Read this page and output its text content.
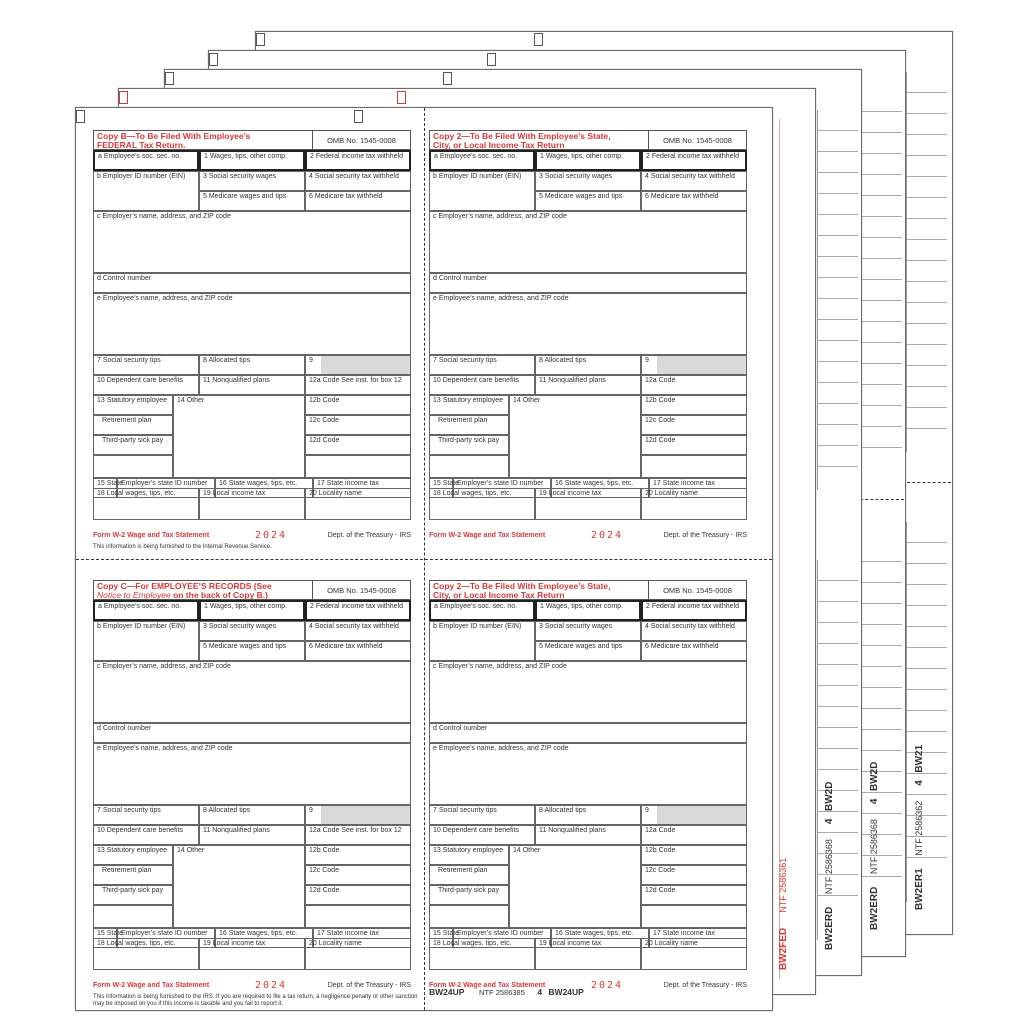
BW2FED      NTF 2586361
BW2ERD     NTF 2586368      4   BW2D
BW2ERD     NTF 2586368      4   BW2D
BW2ER1     NTF 2586362      4   BW21
Copy B—To Be Filed With Employee’s
FEDERAL Tax Return.	OMB No. 1545-0008
a Employee’s soc. sec. no.	1 Wages, tips, other comp.	2 Federal income tax withheld
b Employer ID number (EIN)	3 Social security wages	4 Social security tax withheld
5 Medicare wages and tips	6 Medicare tax withheld
c Employer’s name, address, and ZIP code
d Control number
e Employee’s name, address, and ZIP code
7 Social security tips	8 Allocated tips	9
10 Dependent care benefits	11 Nonqualified plans	12a Code See inst. for box 12
13 Statutory employee	14 Other	12b Code
Retirement plan	12c Code
Third-party sick pay	12d Code
15 State
Employer’s state ID number	16 State wages, tips, etc.	17 State income tax
18 Local wages, tips, etc.	19 Local income tax	20 Locality name
Form W-2 Wage and Tax Statement	2024	Dept. of the Treasury - IRS
This information is being furnished to the Internal Revenue Service.
Copy 2—To Be Filed With Employee’s State,
City, or Local Income Tax Return	OMB No. 1545-0008
a Employee’s soc. sec. no.	1 Wages, tips, other comp.	2 Federal income tax withheld
b Employer ID number (EIN)	3 Social security wages	4 Social security tax withheld
5 Medicare wages and tips	6 Medicare tax withheld
c Employer’s name, address, and ZIP code
d Control number
e Employee’s name, address, and ZIP code
7 Social security tips	8 Allocated tips	9
10 Dependent care benefits	11 Nonqualified plans	12a Code
13 Statutory employee	14 Other	12b Code
Retirement plan	12c Code
Third-party sick pay	12d Code
15 State
Employer’s state ID number	16 State wages, tips, etc.	17 State income tax
18 Local wages, tips, etc.	19 Local income tax	20 Locality name
Form W-2 Wage and Tax Statement	2024	Dept. of the Treasury - IRS
Copy C—For EMPLOYEE’S RECORDS (See
Notice to Employee on the back of Copy B.)	OMB No. 1545-0008
a Employee’s soc. sec. no.	1 Wages, tips, other comp.	2 Federal income tax withheld
b Employer ID number (EIN)	3 Social security wages	4 Social security tax withheld
5 Medicare wages and tips	6 Medicare tax withheld
c Employer’s name, address, and ZIP code
d Control number
e Employee’s name, address, and ZIP code
7 Social security tips	8 Allocated tips	9
10 Dependent care benefits	11 Nonqualified plans	12a Code See inst. for box 12
13 Statutory employee	14 Other	12b Code
Retirement plan	12c Code
Third-party sick pay	12d Code
15 State
Employer’s state ID number	16 State wages, tips, etc.	17 State income tax
18 Local wages, tips, etc.	19 Local income tax	20 Locality name
Form W-2 Wage and Tax Statement	2024	Dept. of the Treasury - IRS
This information is being furnished to the IRS. If you are required to file a tax return, a negligence penalty or other sanction may be imposed on you if this income is taxable and you fail to report it.
Copy 2—To Be Filed With Employee’s State,
City, or Local Income Tax Return	OMB No. 1545-0008
a Employee’s soc. sec. no.	1 Wages, tips, other comp.	2 Federal income tax withheld
b Employer ID number (EIN)	3 Social security wages	4 Social security tax withheld
5 Medicare wages and tips	6 Medicare tax withheld
c Employer’s name, address, and ZIP code
d Control number
e Employee’s name, address, and ZIP code
7 Social security tips	8 Allocated tips	9
10 Dependent care benefits	11 Nonqualified plans	12a Code
13 Statutory employee	14 Other	12b Code
Retirement plan	12c Code
Third-party sick pay	12d Code
15 State
Employer’s state ID number	16 State wages, tips, etc.	17 State income tax
18 Local wages, tips, etc.	19 Local income tax	20 Locality name
Form W-2 Wage and Tax Statement	2024	Dept. of the Treasury - IRS
BW24UP NTF 2586385 4 BW24UP
